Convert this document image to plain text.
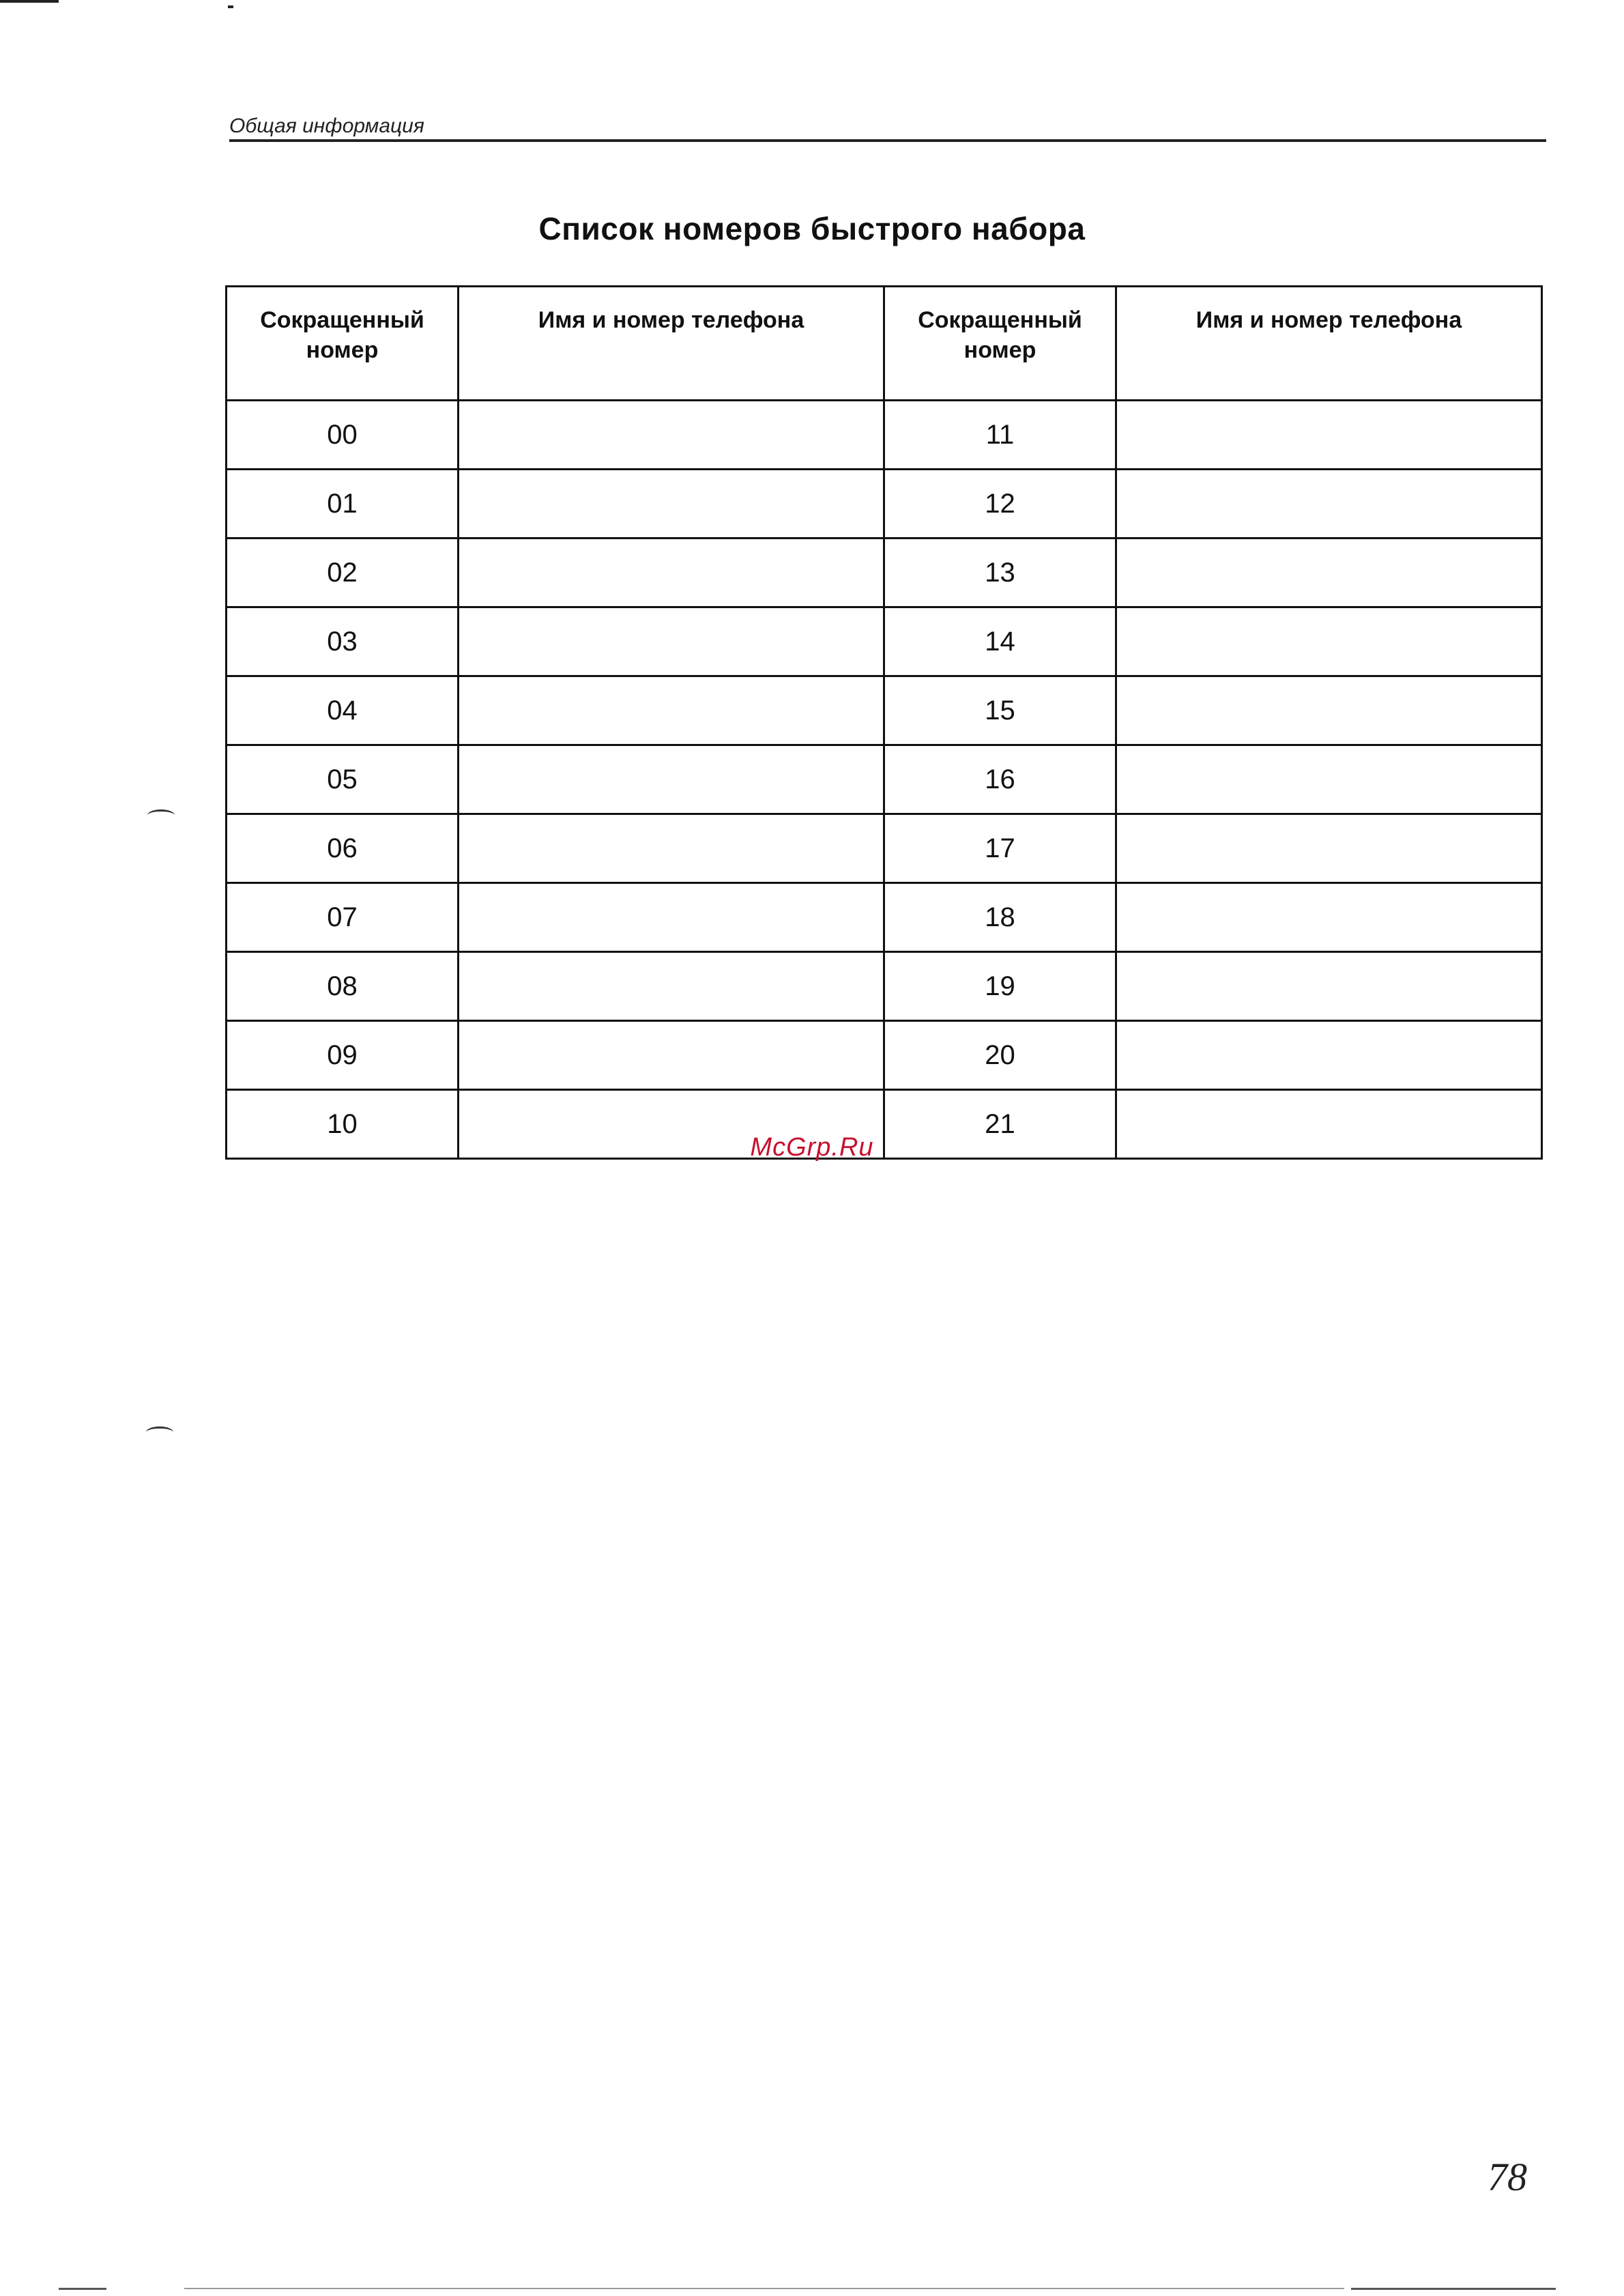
Общая информация
Список номеров быстрого набора
Сокращенный номер	Имя и номер телефона	Сокращенный номер	Имя и номер телефона
00		11	
01		12	
02		13	
03		14	
04		15	
05		16	
06		17	
07		18	
08		19	
09		20	
10		21	
McGrp.Ru
78
